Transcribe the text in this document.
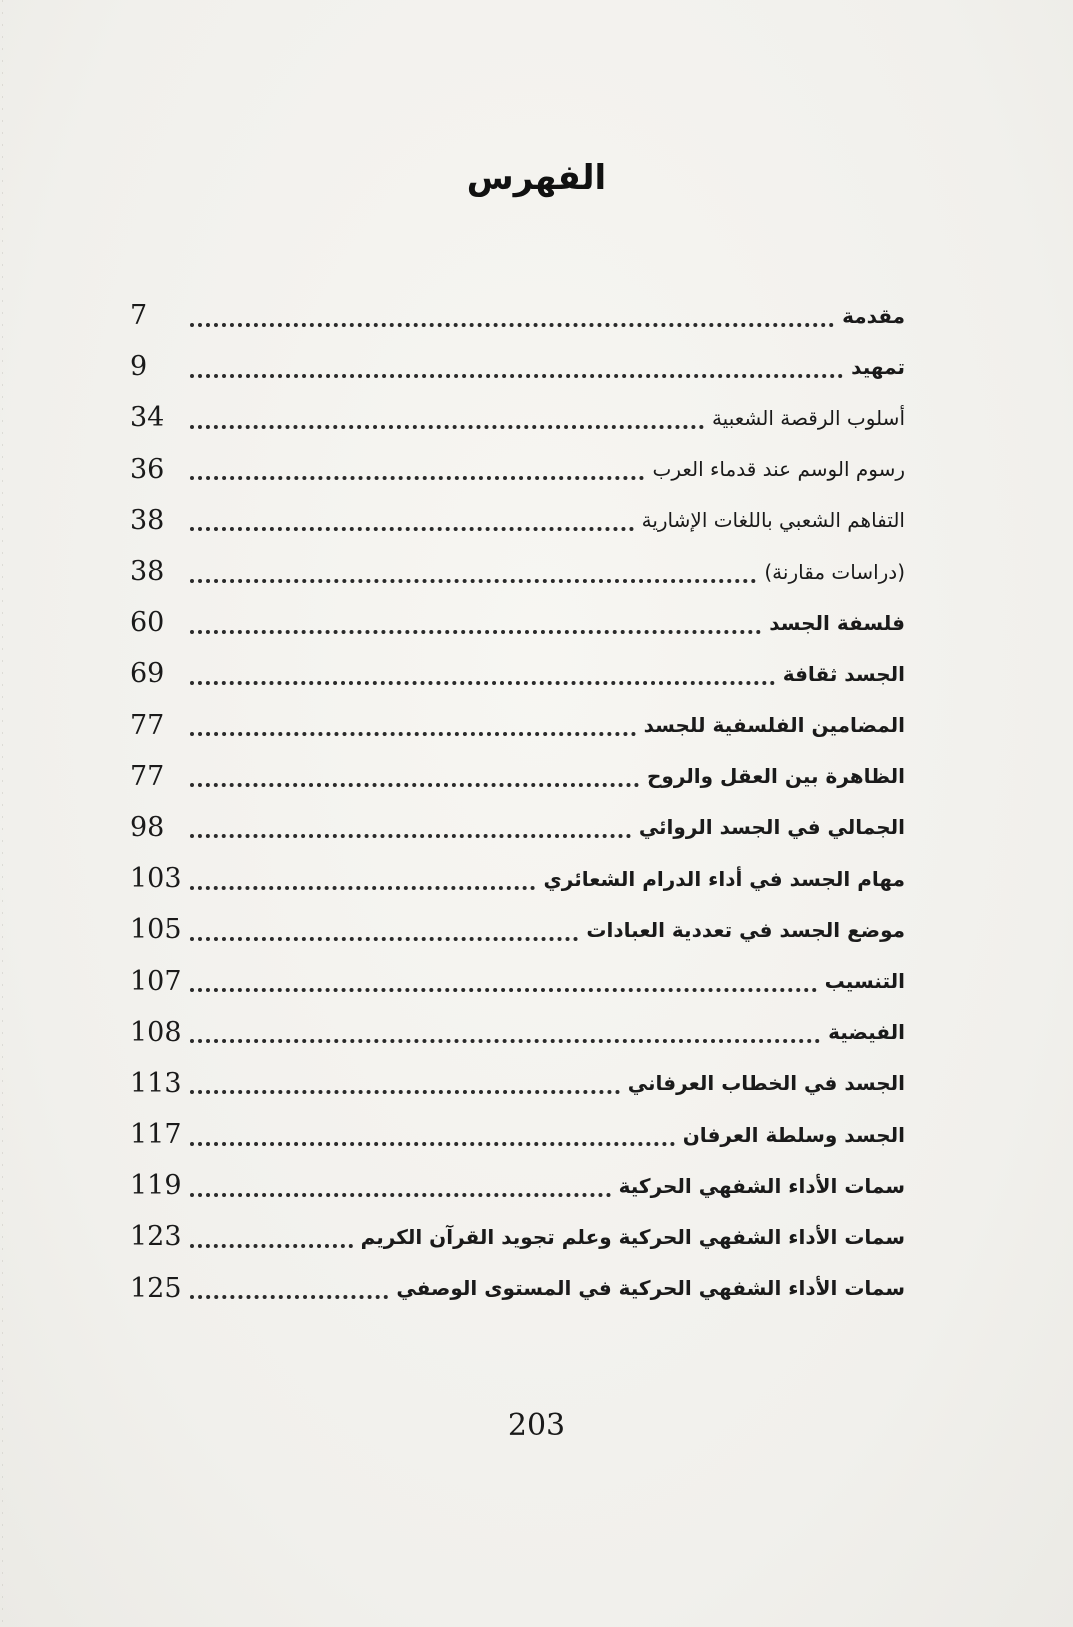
الفهرس
7	مقدمة
9	تمهيد
34	أسلوب الرقصة الشعبية
36	رسوم الوسم عند قدماء العرب
38	التفاهم الشعبي باللغات الإشارية
38	(دراسات مقارنة)
60	فلسفة الجسد
69	الجسد ثقافة
77	المضامين الفلسفية للجسد
77	الظاهرة بين العقل والروح
98	الجمالي في الجسد الروائي
103	مهام الجسد في أداء الدرام الشعائري
105	موضع الجسد في تعددية العبادات
107	التنسيب
108	الفيضية
113	الجسد في الخطاب العرفاني
117	الجسد وسلطة العرفان
119	سمات الأداء الشفهي الحركية
123	سمات الأداء الشفهي الحركية وعلم تجويد القرآن الكريم
125	سمات الأداء الشفهي الحركية في المستوى الوصفي
203
